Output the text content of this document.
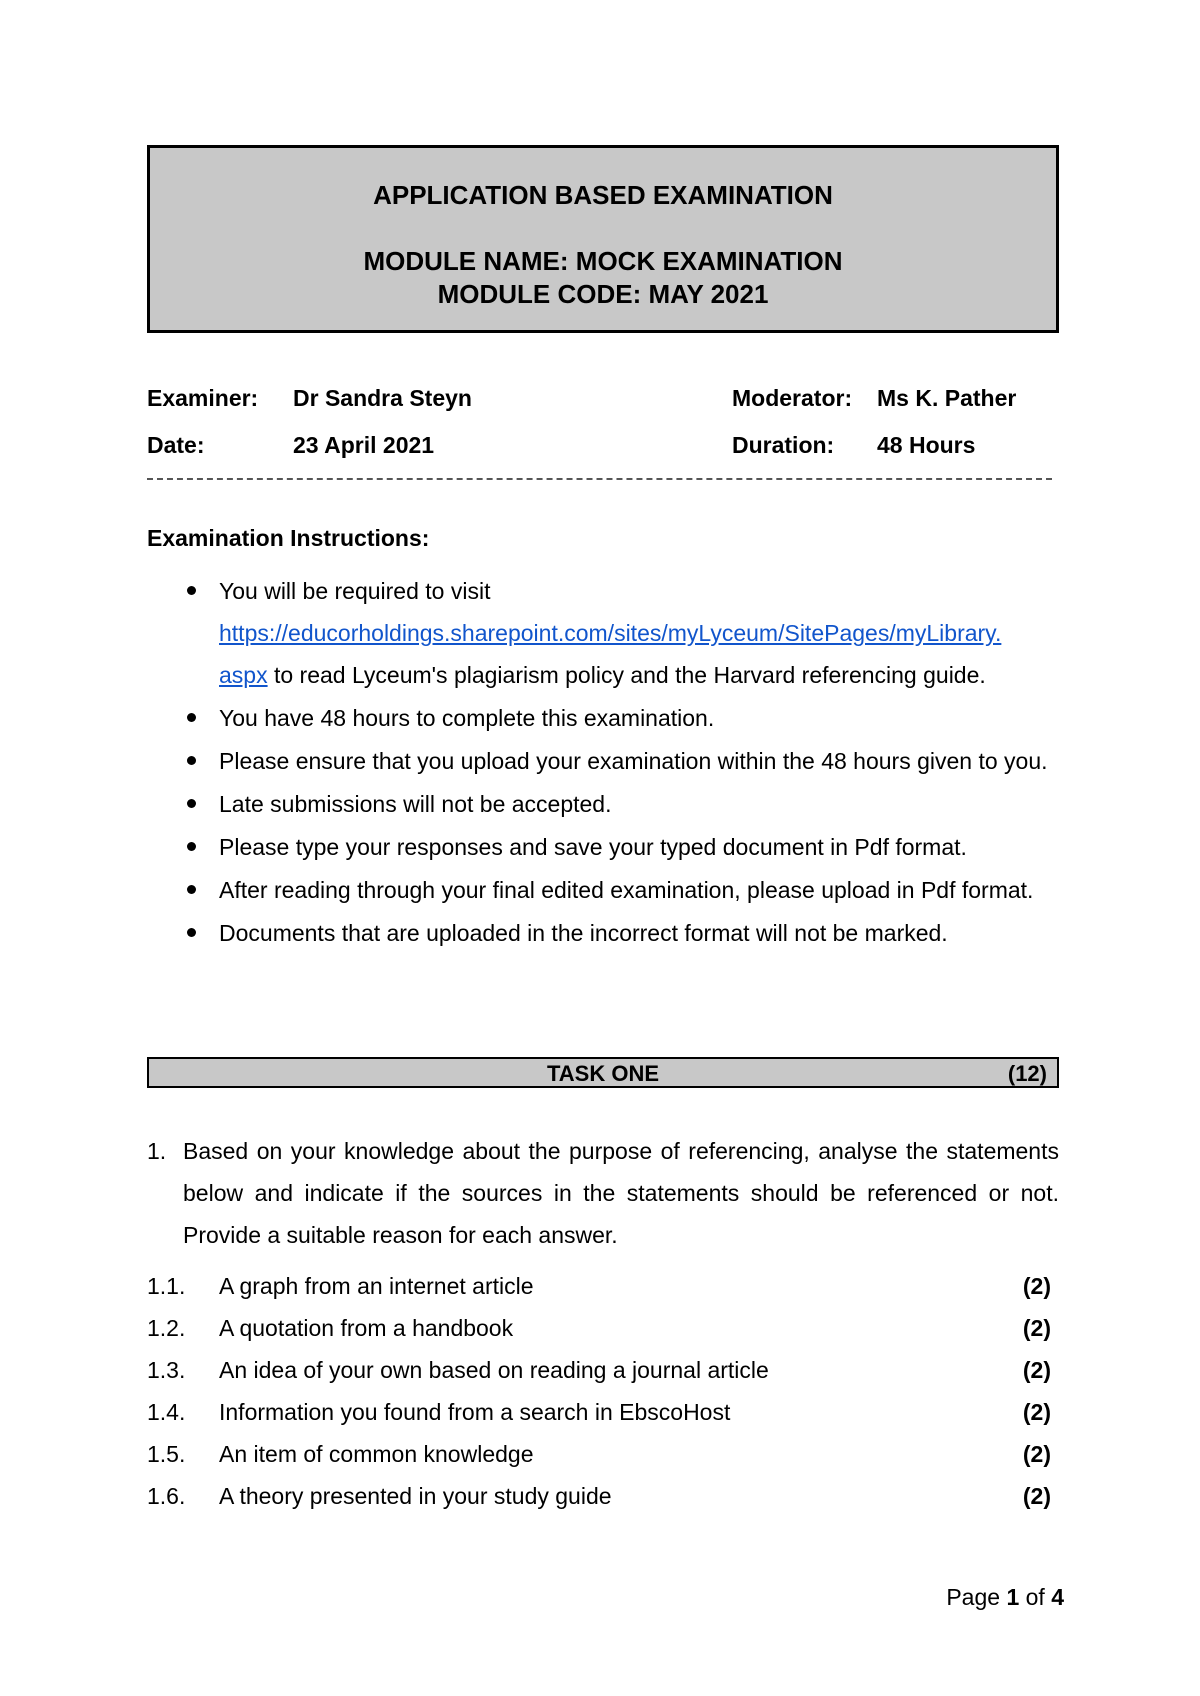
APPLICATION BASED EXAMINATION
MODULE NAME: MOCK EXAMINATION
MODULE CODE: MAY 2021
Examiner: Dr Sandra Steyn	Moderator: Ms K. Pather
Date:	23 April 2021	Duration: 48 Hours
Examination Instructions:
You will be required to visit
https://educorholdings.sharepoint.com/sites/myLyceum/SitePages/myLibrary.
aspx to read Lyceum's plagiarism policy and the Harvard referencing guide.
You have 48 hours to complete this examination.
Please ensure that you upload your examination within the 48 hours given to you.
Late submissions will not be accepted.
Please type your responses and save your typed document in Pdf format.
After reading through your final edited examination, please upload in Pdf format.
Documents that are uploaded in the incorrect format will not be marked.
TASK ONE	(12)
1. Based on your knowledge about the purpose of referencing, analyse the statements below and indicate if the sources in the statements should be referenced or not. Provide a suitable reason for each answer.
1.1. A graph from an internet article	(2)
1.2. A quotation from a handbook	(2)
1.3. An idea of your own based on reading a journal article	(2)
1.4. Information you found from a search in EbscoHost	(2)
1.5. An item of common knowledge	(2)
1.6. A theory presented in your study guide	(2)
Page 1 of 4
